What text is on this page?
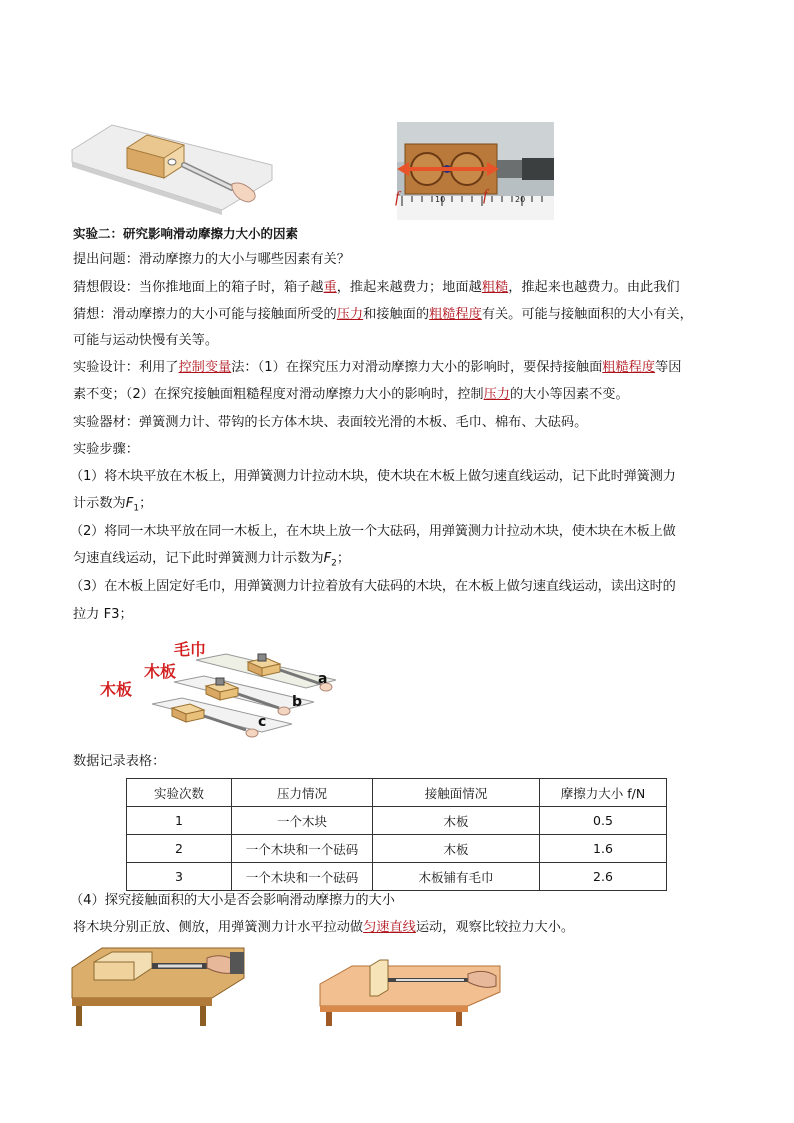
f	f
10	20
实验二：研究影响滑动摩擦力大小的因素
提出问题：滑动摩擦力的大小与哪些因素有关？
猜想假设：当你推地面上的箱子时，箱子越重，推起来越费力；地面越粗糙，推起来也越费力。由此我们
猜想：滑动摩擦力的大小可能与接触面所受的压力和接触面的粗糙程度有关。可能与接触面积的大小有关，
可能与运动快慢有关等。
实验设计：利用了控制变量法：（1）在探究压力对滑动摩擦力大小的影响时，要保持接触面粗糙程度等因
素不变；（2）在探究接触面粗糙程度对滑动摩擦力大小的影响时，控制压力的大小等因素不变。
实验器材：弹簧测力计、带钩的长方体木块、表面较光滑的木板、毛巾、棉布、大砝码。
实验步骤：
（1）将木块平放在木板上，用弹簧测力计拉动木块，使木块在木板上做匀速直线运动，记下此时弹簧测力
计示数为$F_1$；
（2）将同一木块平放在同一木板上，在木块上放一个大砝码，用弹簧测力计拉动木块，使木块在木板上做
匀速直线运动，记下此时弹簧测力计示数为$F_2$；
（3）在木板上固定好毛巾，用弹簧测力计拉着放有大砝码的木块，在木板上做匀速直线运动，读出这时的
拉力 F3；
毛巾
木板
木板
a
b
c
数据记录表格：
实验次数	压力情况	接触面情况	摩擦力大小 f/N
1	一个木块	木板	0.5
2	一个木块和一个砝码	木板	1.6
3	一个木块和一个砝码	木板铺有毛巾	2.6
（4）探究接触面积的大小是否会影响滑动摩擦力的大小
将木块分别正放、侧放，用弹簧测力计水平拉动做匀速直线运动，观察比较拉力大小。
